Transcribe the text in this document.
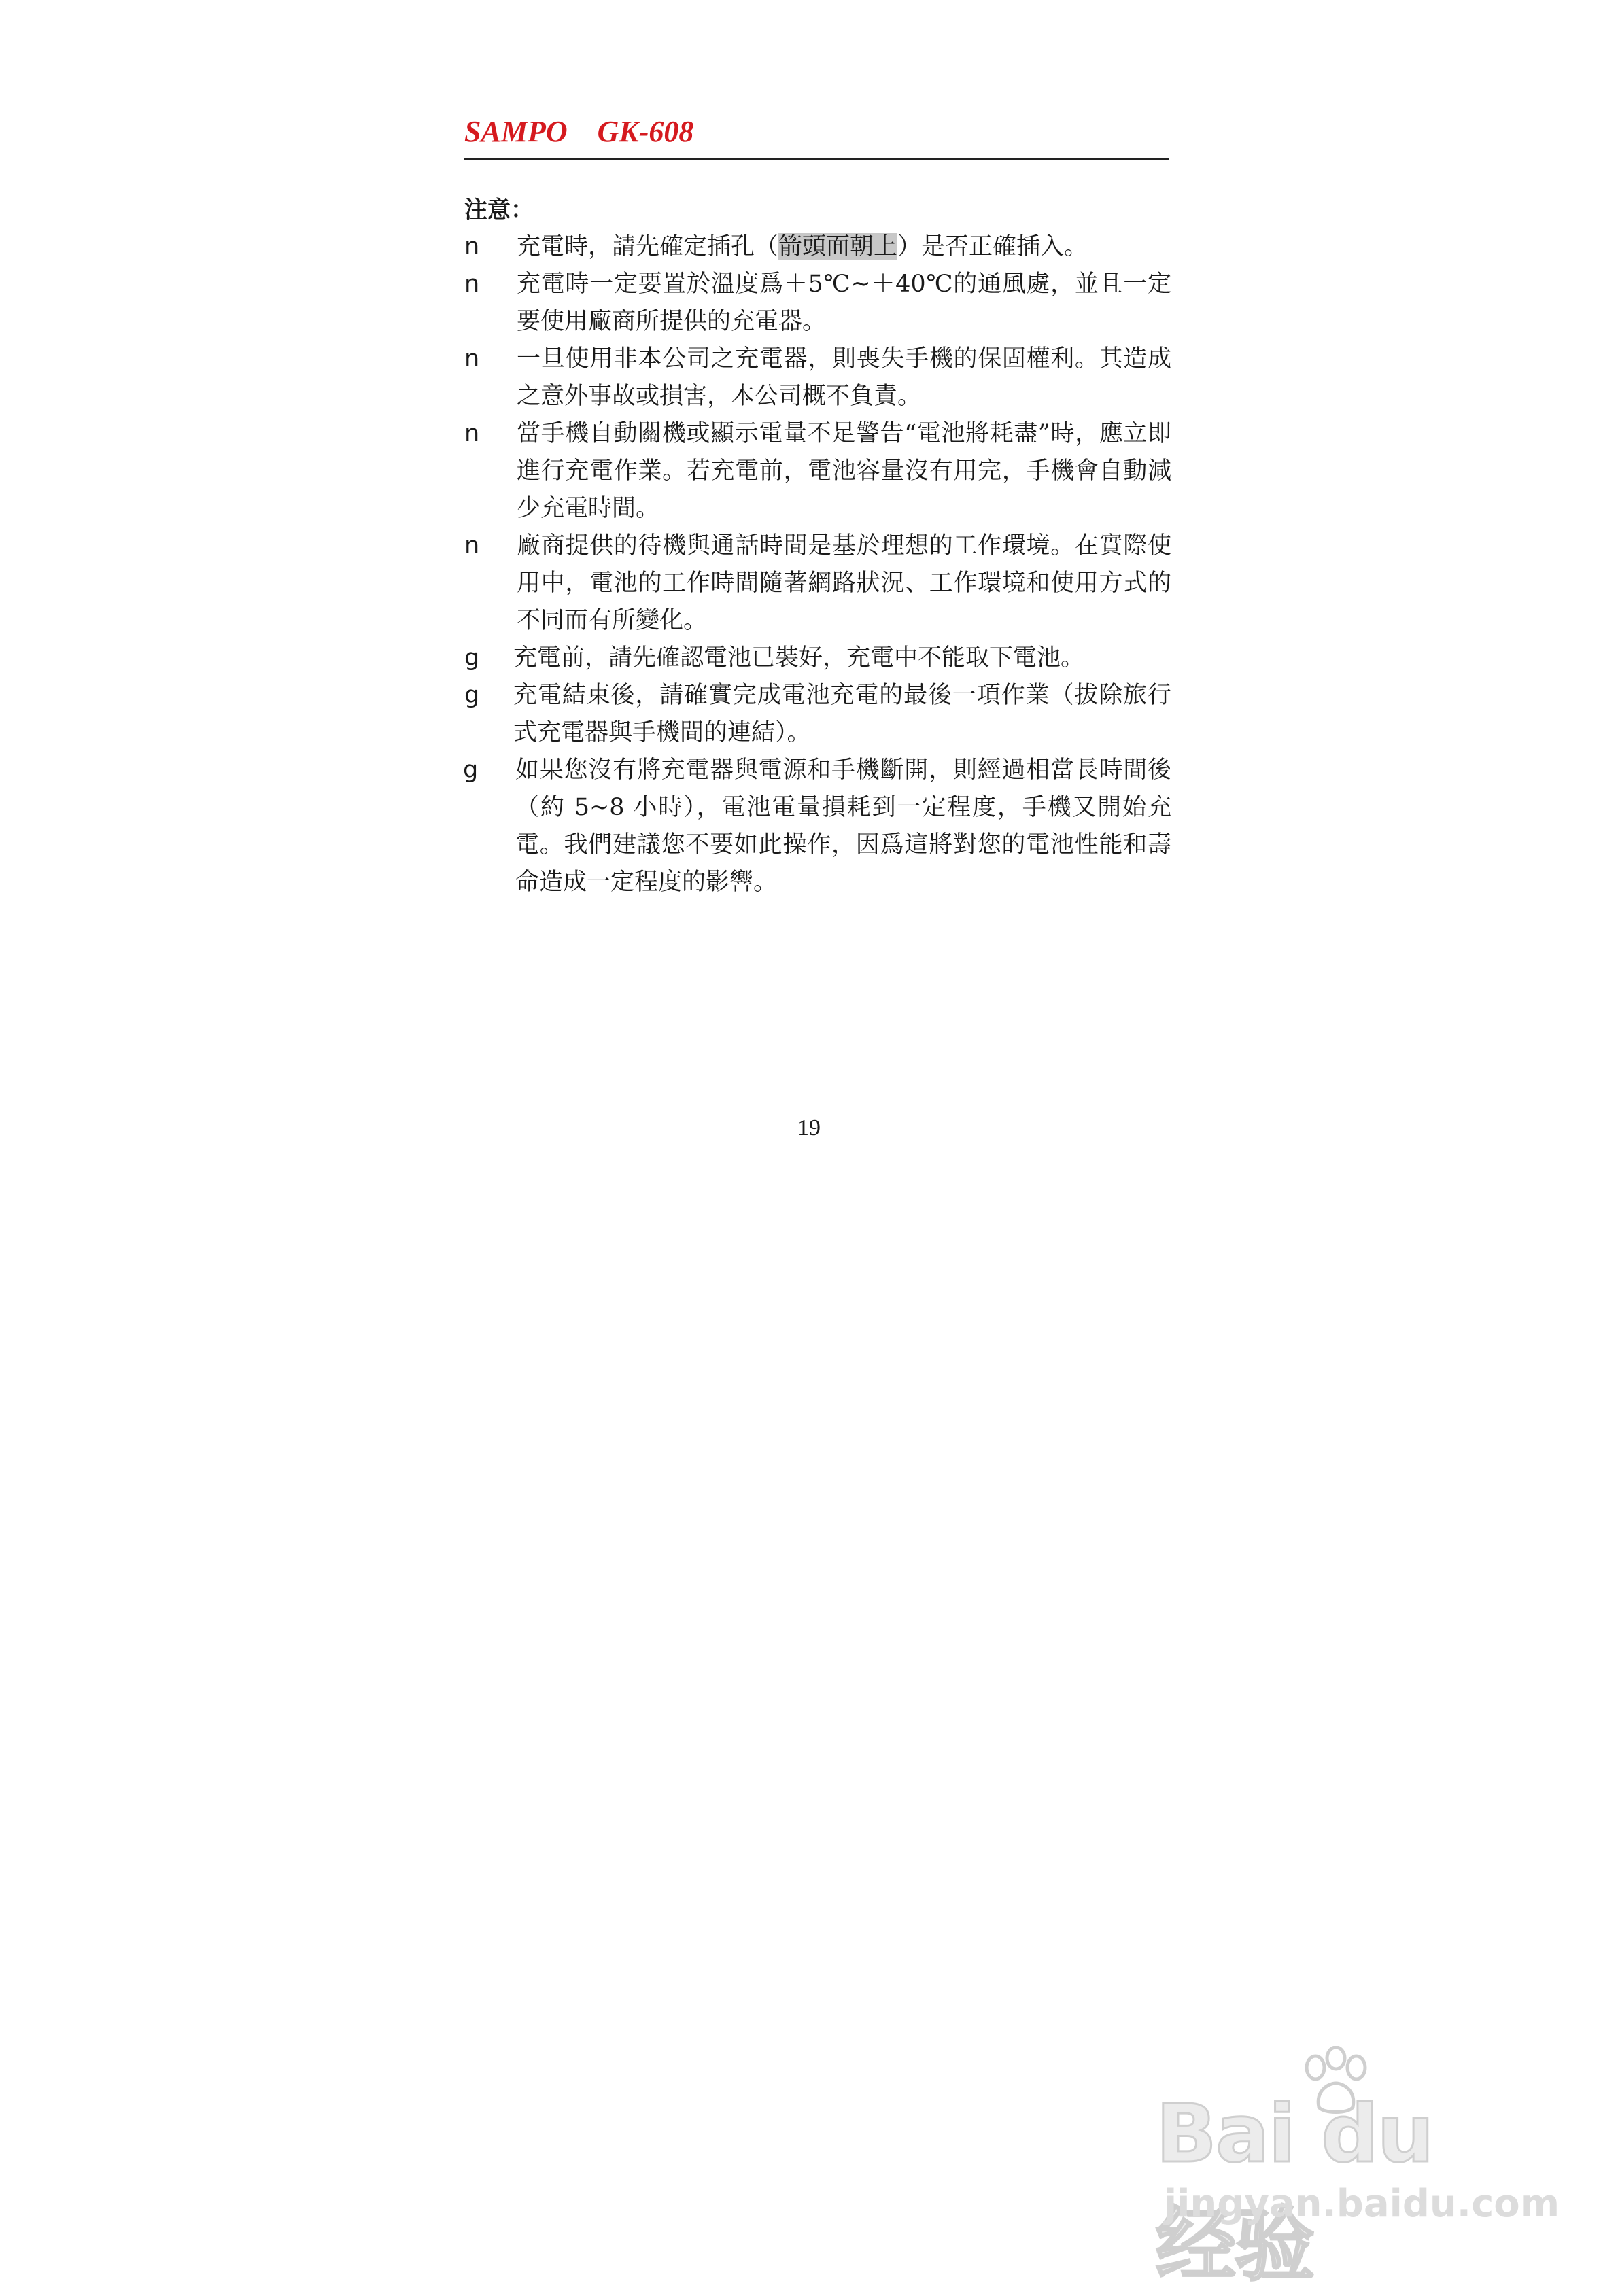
SAMPO    GK-608
注意：
n	充電時，請先確定插孔（箭頭面朝上）是否正確插入。
n	充電時一定要置於溫度爲＋5℃~＋40℃的通風處，並且一定要使用廠商所提供的充電器。
n	一旦使用非本公司之充電器，則喪失手機的保固權利。其造成之意外事故或損害，本公司概不負責。
n	當手機自動關機或顯示電量不足警告“電池將耗盡”時，應立即進行充電作業。若充電前，電池容量沒有用完，手機會自動減少充電時間。
n	廠商提供的待機與通話時間是基於理想的工作環境。在實際使用中，電池的工作時間隨著網路狀況、工作環境和使用方式的不同而有所變化。
g	充電前，請先確認電池已裝好，充電中不能取下電池。
g	充電結束後，請確實完成電池充電的最後一項作業（拔除旅行式充電器與手機間的連結）。
g	如果您沒有將充電器與電源和手機斷開，則經過相當長時間後（約 5~8 小時），電池電量損耗到一定程度，手機又開始充電。我們建議您不要如此操作，因爲這將對您的電池性能和壽命造成一定程度的影響。
19
Bai du 经验
jingyan.baidu.com
